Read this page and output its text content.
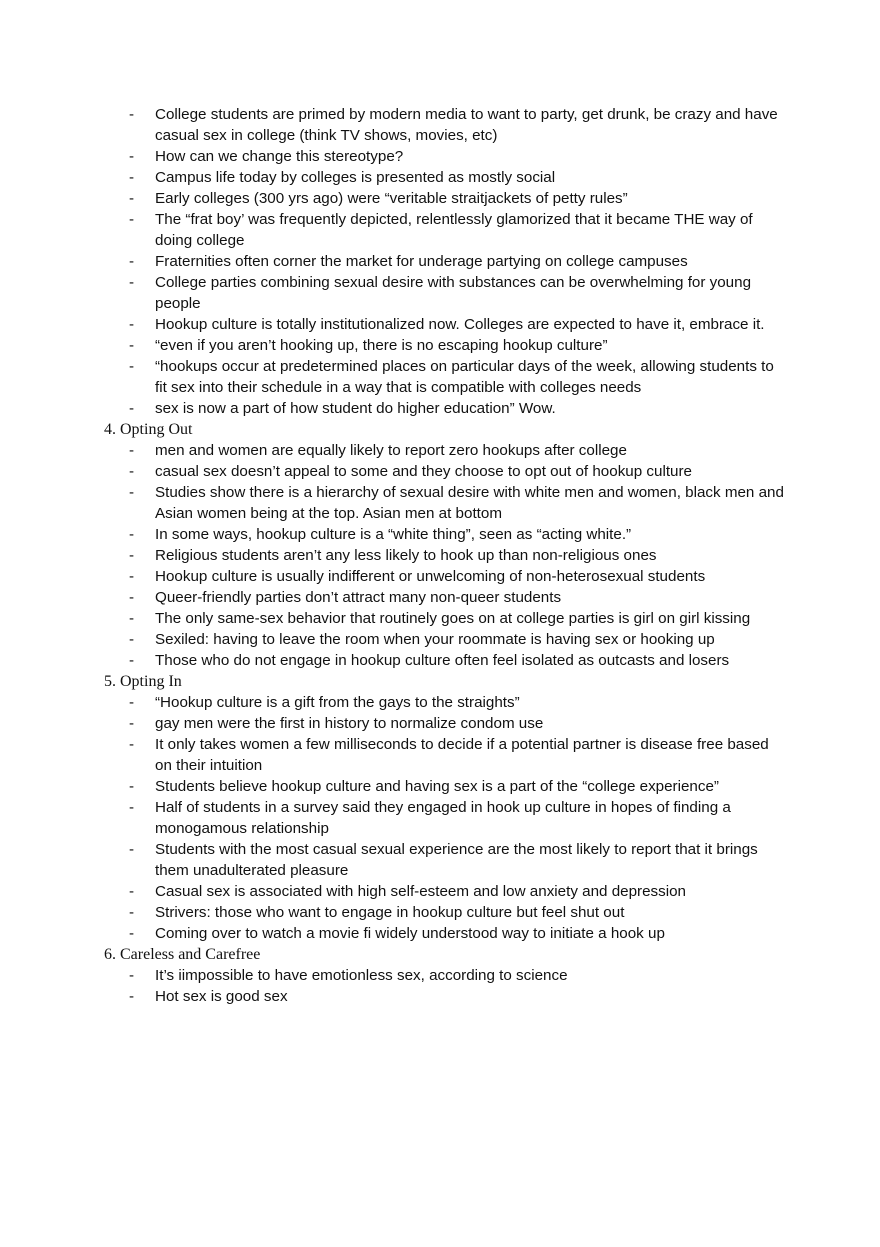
- College students are primed by modern media to want to party, get drunk, be crazy and have casual sex in college (think TV shows, movies, etc)
- How can we change this stereotype?
- Campus life today by colleges is presented as mostly social
- Early colleges (300 yrs ago) were “veritable straitjackets of petty rules”
- The “frat boy’ was frequently depicted, relentlessly glamorized that it became THE way of doing college
- Fraternities often corner the market for underage partying on college campuses
- College parties combining sexual desire with substances can be overwhelming for young people
- Hookup culture is totally institutionalized now. Colleges are expected to have it, embrace it.
- “even if you aren’t hooking up, there is no escaping hookup culture”
- “hookups occur at predetermined places on particular days of the week, allowing students to fit sex into their schedule in a way that is compatible with colleges needs
- sex is now a part of how student do higher education” Wow.
4. Opting Out
- men and women are equally likely to report zero hookups after college
- casual sex doesn’t appeal to some and they choose to opt out of hookup culture
- Studies show there is a hierarchy of sexual desire with white men and women, black men and Asian women being at the top. Asian men at bottom
- In some ways, hookup culture is a “white thing”, seen as “acting white.”
- Religious students aren’t any less likely to hook up than non-religious ones
- Hookup culture is usually indifferent or unwelcoming of non-heterosexual students
- Queer-friendly parties don’t attract many non-queer students
- The only same-sex behavior that routinely goes on at college parties is girl on girl kissing
- Sexiled: having to leave the room when your roommate is having sex or hooking up
- Those who do not engage in hookup culture often feel isolated as outcasts and losers
5. Opting In
- “Hookup culture is a gift from the gays to the straights”
- gay men were the first in history to normalize condom use
- It only takes women a few milliseconds to decide if a potential partner is disease free based on their intuition
- Students believe hookup culture and having sex is a part of the “college experience”
- Half of students in a survey said they engaged in hook up culture in hopes of finding a monogamous relationship
- Students with the most casual sexual experience are the most likely to report that it brings them unadulterated pleasure
- Casual sex is associated with high self-esteem and low anxiety and depression
- Strivers: those who want to engage in hookup culture but feel shut out
- Coming over to watch a movie fi widely understood way to initiate a hook up
6. Careless and Carefree
- It’s iimpossible to have emotionless sex, according to science
- Hot sex is good sex
